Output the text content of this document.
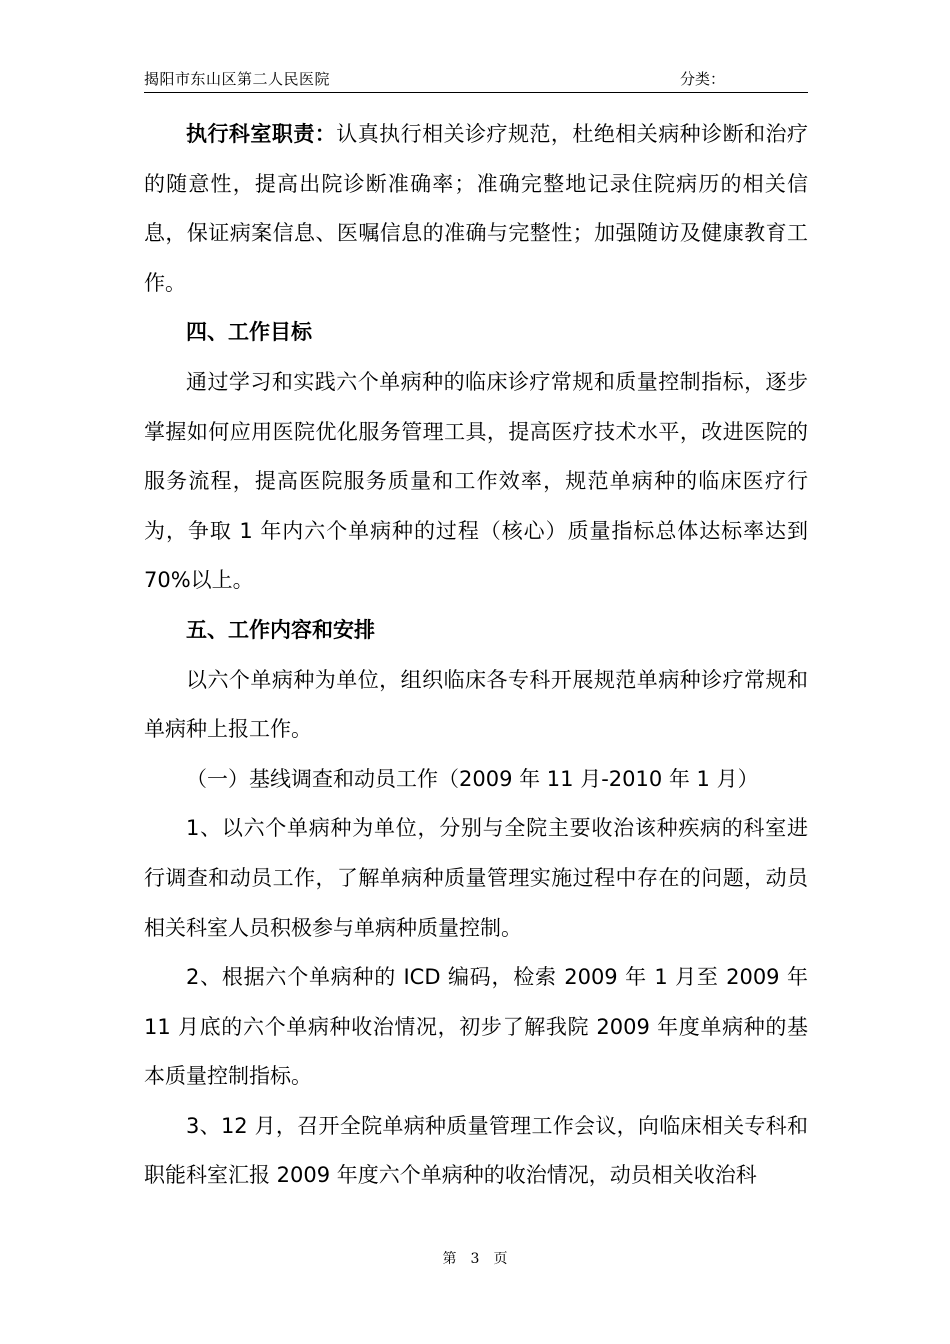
揭阳市东山区第二人民医院	分类：

执行科室职责：认真执行相关诊疗规范，杜绝相关病种诊断和治疗的随意性，提高出院诊断准确率；准确完整地记录住院病历的相关信息，保证病案信息、医嘱信息的准确与完整性；加强随访及健康教育工作。

四、工作目标

通过学习和实践六个单病种的临床诊疗常规和质量控制指标，逐步掌握如何应用医院优化服务管理工具，提高医疗技术水平，改进医院的服务流程，提高医院服务质量和工作效率，规范单病种的临床医疗行为，争取 1 年内六个单病种的过程（核心）质量指标总体达标率达到 70%以上。

五、工作内容和安排

以六个单病种为单位，组织临床各专科开展规范单病种诊疗常规和单病种上报工作。

（一）基线调查和动员工作（2009 年 11 月-2010 年 1 月）

1、以六个单病种为单位，分别与全院主要收治该种疾病的科室进行调查和动员工作，了解单病种质量管理实施过程中存在的问题，动员相关科室人员积极参与单病种质量控制。

2、根据六个单病种的 ICD 编码，检索 2009 年 1 月至 2009 年 11 月底的六个单病种收治情况，初步了解我院 2009 年度单病种的基本质量控制指标。

3、12 月，召开全院单病种质量管理工作会议，向临床相关专科和职能科室汇报 2009 年度六个单病种的收治情况，动员相关收治科

第　3　页
